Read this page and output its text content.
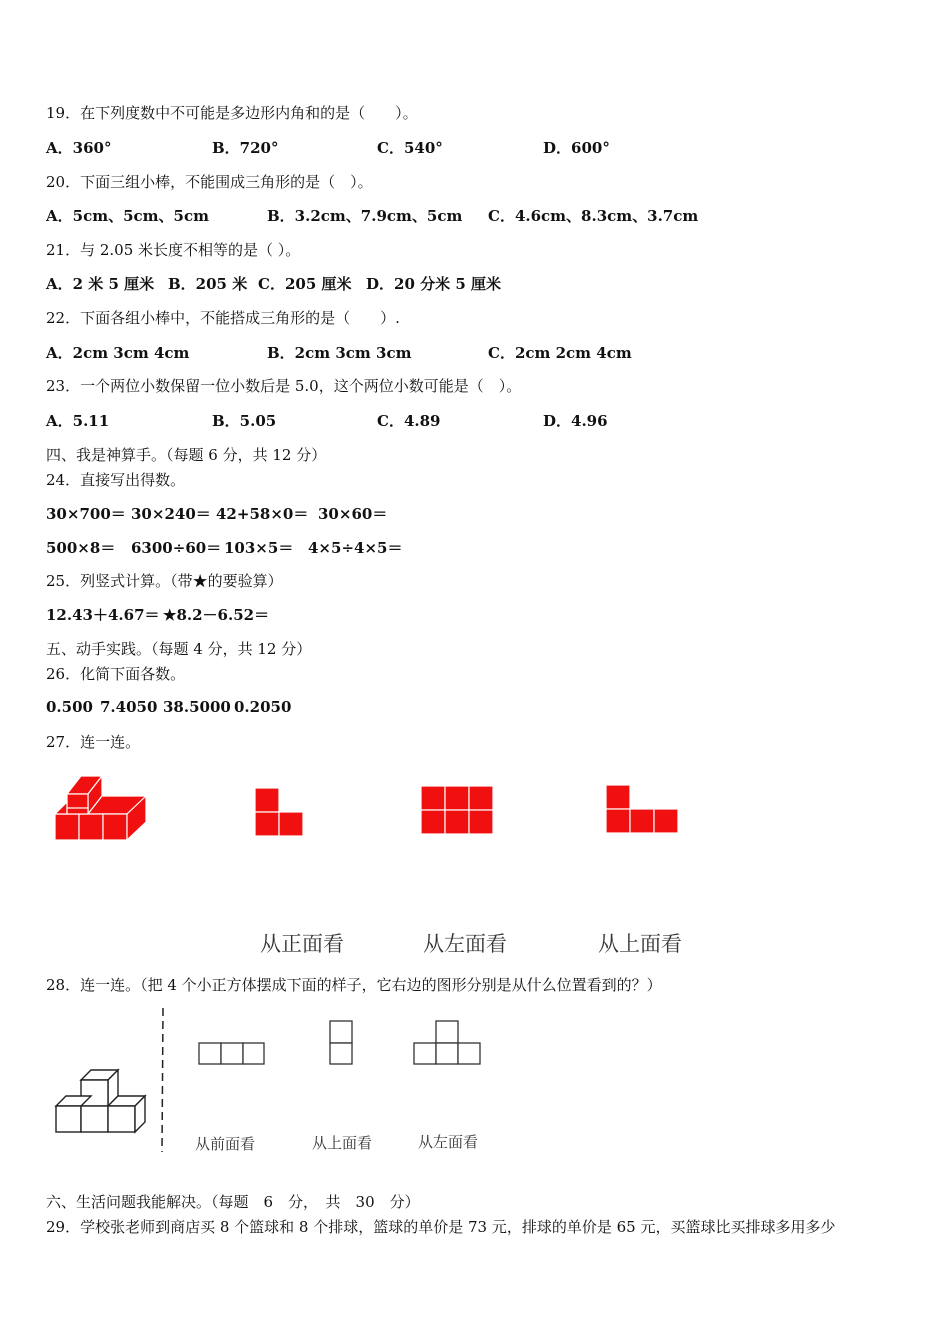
19．在下列度数中不可能是多边形内角和的是（　　）。
A．360°	B．720°	C．540°	D．600°
20．下面三组小棒，不能围成三角形的是（　）。
A．5cm、5cm、5cm	B．3.2cm、7.9cm、5cm C．4.6cm、8.3cm、3.7cm
21．与 2.05 米长度不相等的是（ ）。
A．2 米 5 厘米 B．205 米 C．205 厘米 D．20 分米 5 厘米
22．下面各组小棒中，不能搭成三角形的是（　　）.
A．2cm 3cm 4cm	B．2cm 3cm 3cm	C．2cm 2cm 4cm
23．一个两位小数保留一位小数后是 5.0，这个两位小数可能是（　）。
A．5.11	B．5.05	C．4.89	D．4.96
四、我是神算手。（每题 6 分，共 12 分）
24．直接写出得数。
30×700＝ 30×240＝ 42+58×0＝ 30×60＝
500×8＝ 6300÷60＝ 103×5＝ 4×5÷4×5＝
25．列竖式计算。（带★的要验算）
12.43＋4.67＝ ★8.2－6.52＝
五、动手实践。（每题 4 分，共 12 分）
26．化简下面各数。
0.500 7.4050 38.5000 0.2050
27．连一连。
从正面看	从左面看	从上面看
28．连一连。（把 4 个小正方体摆成下面的样子，它右边的图形分别是从什么位置看到的？）
从前面看	从上面看	从左面看
六、生活问题我能解决。（每题　6　分，　共　30　分）
29．学校张老师到商店买 8 个篮球和 8 个排球，篮球的单价是 73 元，排球的单价是 65 元，买篮球比买排球多用多少
